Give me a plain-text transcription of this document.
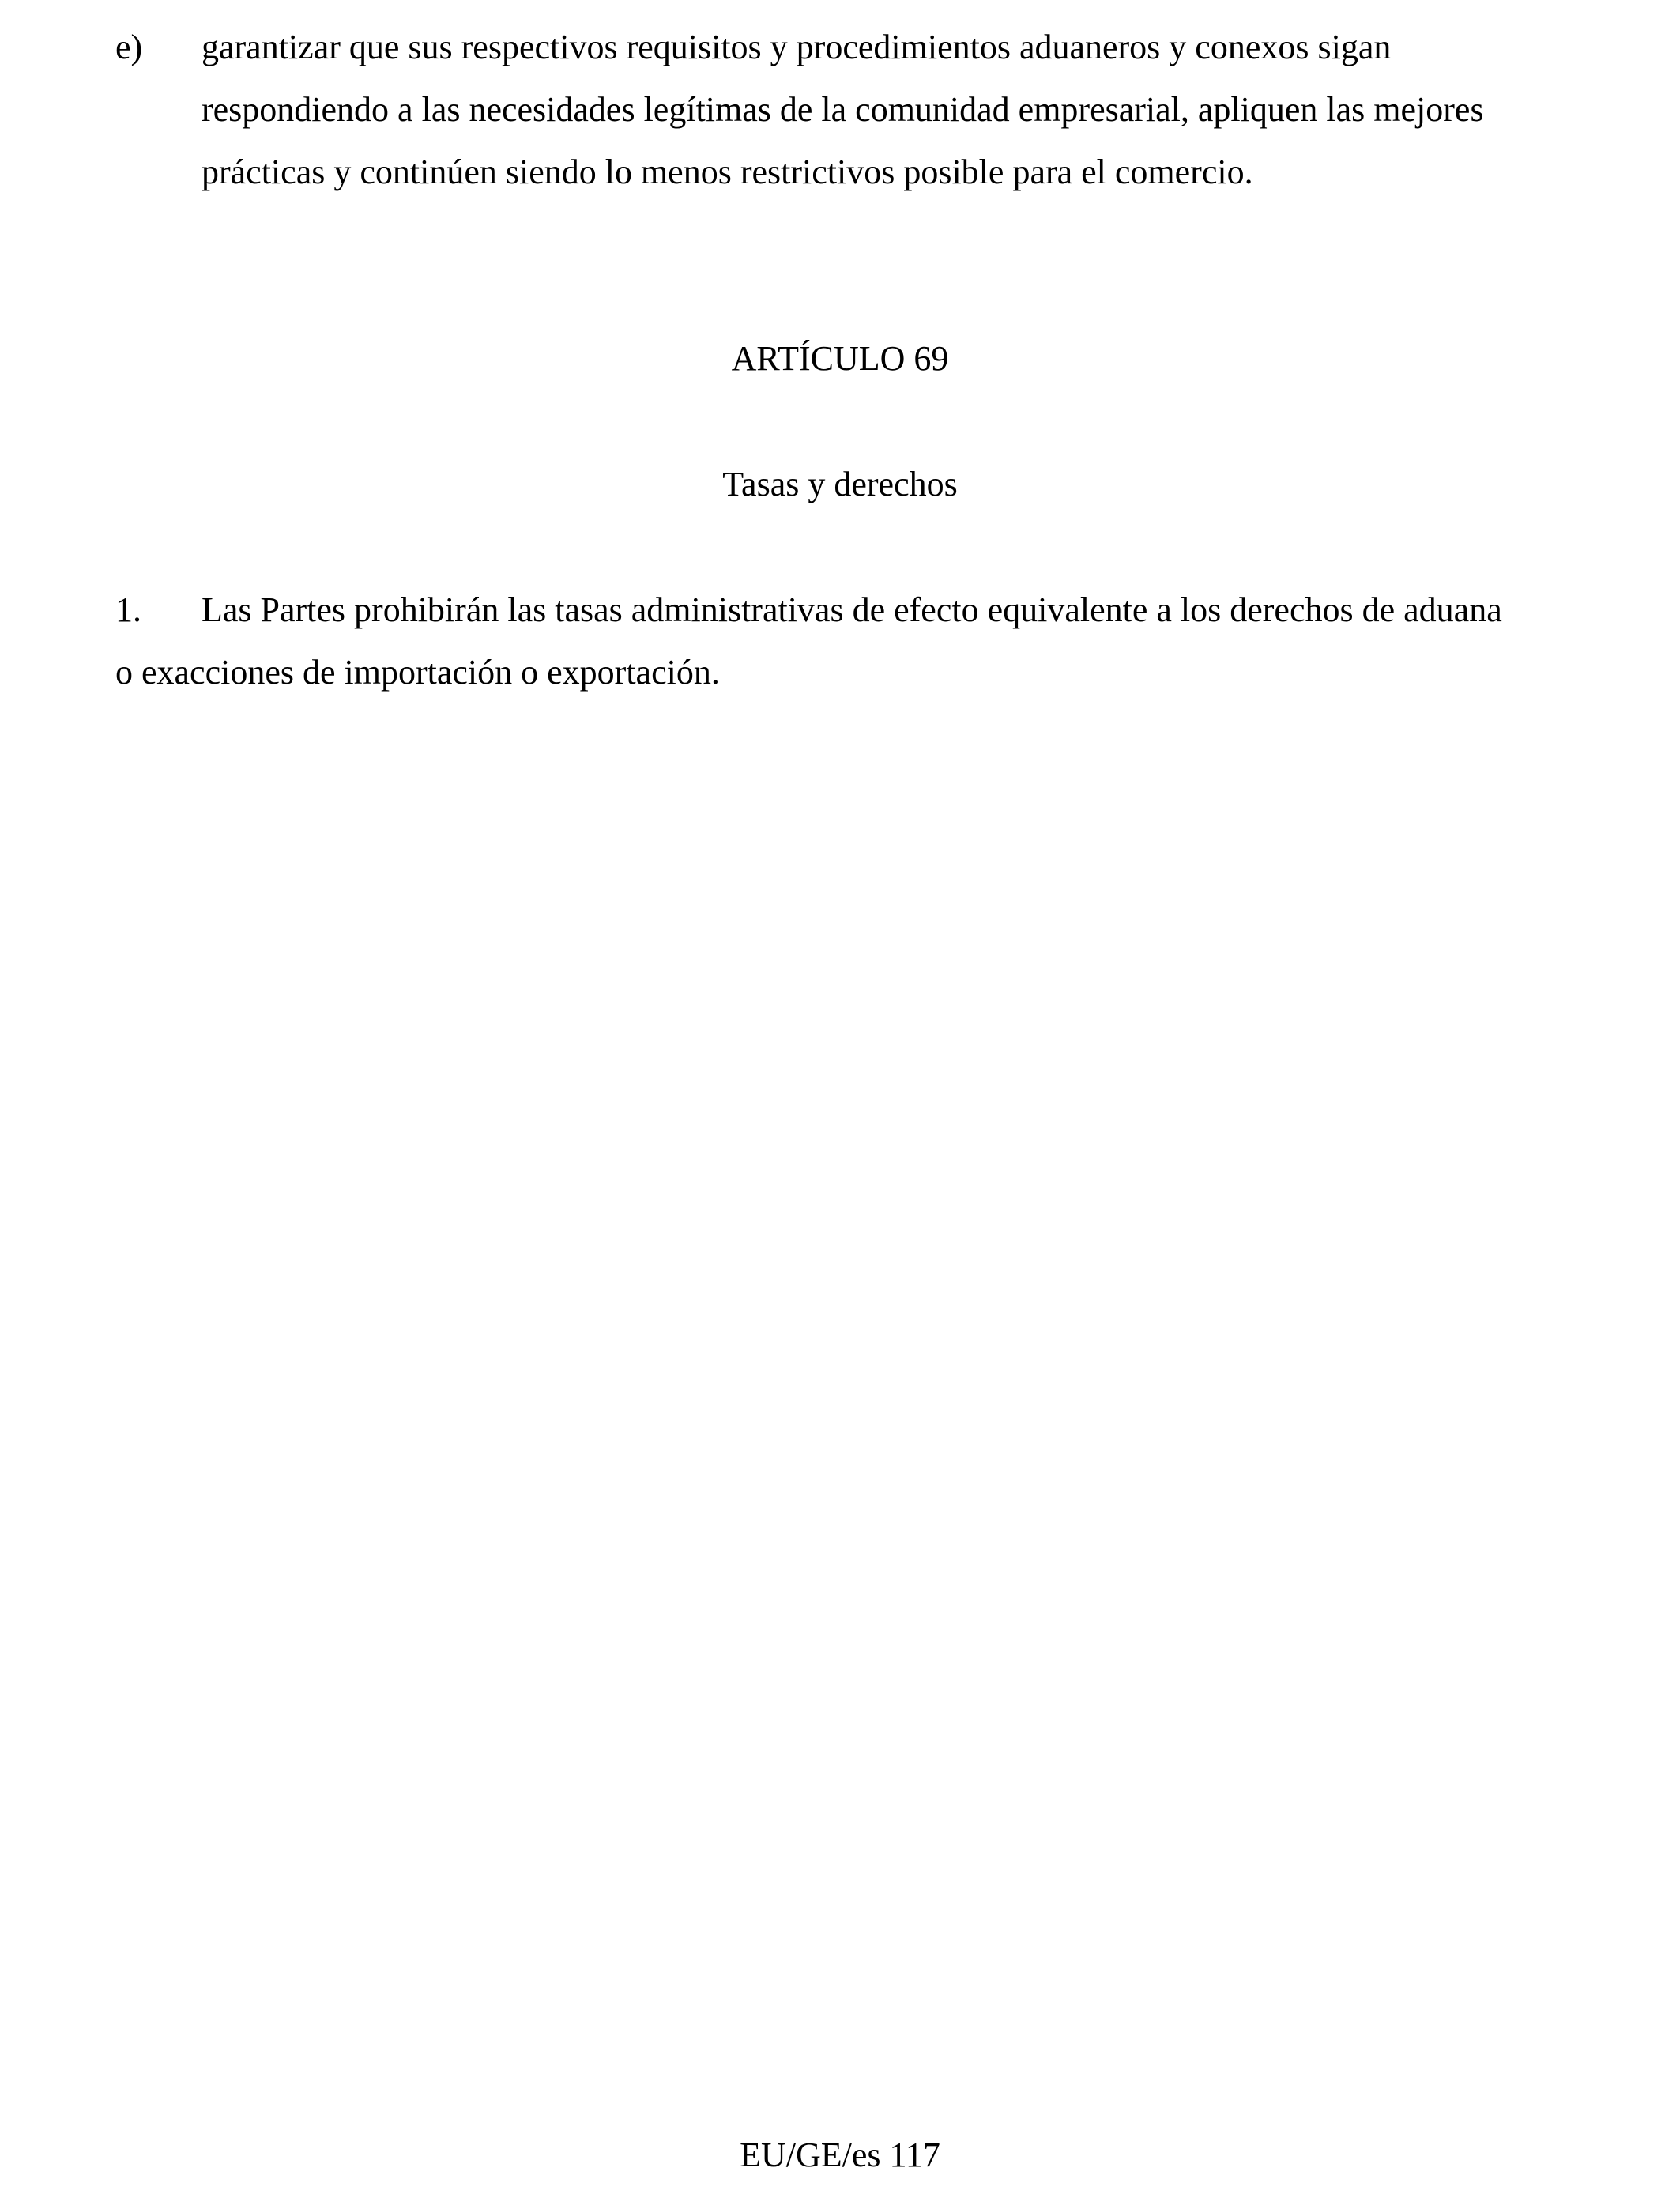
e) garantizar que sus respectivos requisitos y procedimientos aduaneros y conexos sigan
respondiendo a las necesidades legítimas de la comunidad empresarial, apliquen las mejores
prácticas y continúen siendo lo menos restrictivos posible para el comercio.
ARTÍCULO 69
Tasas y derechos
1. Las Partes prohibirán las tasas administrativas de efecto equivalente a los derechos de aduana
o exacciones de importación o exportación.
EU/GE/es 117
